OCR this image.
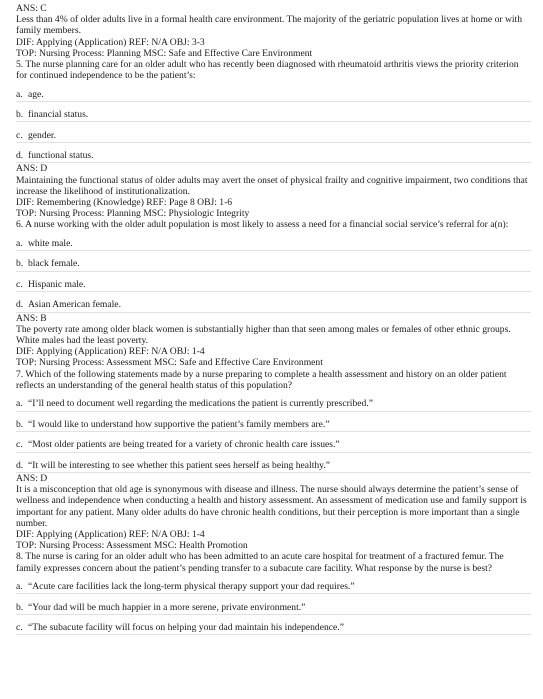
ANS: C

Less than 4% of older adults live in a formal health care environment. The majority of the geriatric population lives at home or with family members.

DIF: Applying (Application) REF: N/A OBJ: 3-3

TOP: Nursing Process: Planning MSC: Safe and Effective Care Environment

5. The nurse planning care for an older adult who has recently been diagnosed with rheumatoid arthritis views the priority criterion for continued independence to be the patient’s:

a. age.
b. financial status.
c. gender.
d. functional status.

ANS: D

Maintaining the functional status of older adults may avert the onset of physical frailty and cognitive impairment, two conditions that increase the likelihood of institutionalization.

DIF: Remembering (Knowledge) REF: Page 8 OBJ: 1-6

TOP: Nursing Process: Planning MSC: Physiologic Integrity

6. A nurse working with the older adult population is most likely to assess a need for a financial social service’s referral for a(n):

a. white male.
b. black female.
c. Hispanic male.
d. Asian American female.

ANS: B

The poverty rate among older black women is substantially higher than that seen among males or females of other ethnic groups. White males had the least poverty.

DIF: Applying (Application) REF: N/A OBJ: 1-4

TOP: Nursing Process: Assessment MSC: Safe and Effective Care Environment

7. Which of the following statements made by a nurse preparing to complete a health assessment and history on an older patient reflects an understanding of the general health status of this population?

a. “I’ll need to document well regarding the medications the patient is currently prescribed.”
b. “I would like to understand how supportive the patient’s family members are.”
c. “Most older patients are being treated for a variety of chronic health care issues.”
d. “It will be interesting to see whether this patient sees herself as being healthy.”

ANS: D

It is a misconception that old age is synonymous with disease and illness. The nurse should always determine the patient’s sense of wellness and independence when conducting a health and history assessment. An assessment of medication use and family support is important for any patient. Many older adults do have chronic health conditions, but their perception is more important than a single number.

DIF: Applying (Application) REF: N/A OBJ: 1-4

TOP: Nursing Process: Assessment MSC: Health Promotion

8. The nurse is caring for an older adult who has been admitted to an acute care hospital for treatment of a fractured femur. The family expresses concern about the patient’s pending transfer to a subacute care facility. What response by the nurse is best?

a. “Acute care facilities lack the long-term physical therapy support your dad requires.”
b. “Your dad will be much happier in a more serene, private environment.”
c. “The subacute facility will focus on helping your dad maintain his independence.”
